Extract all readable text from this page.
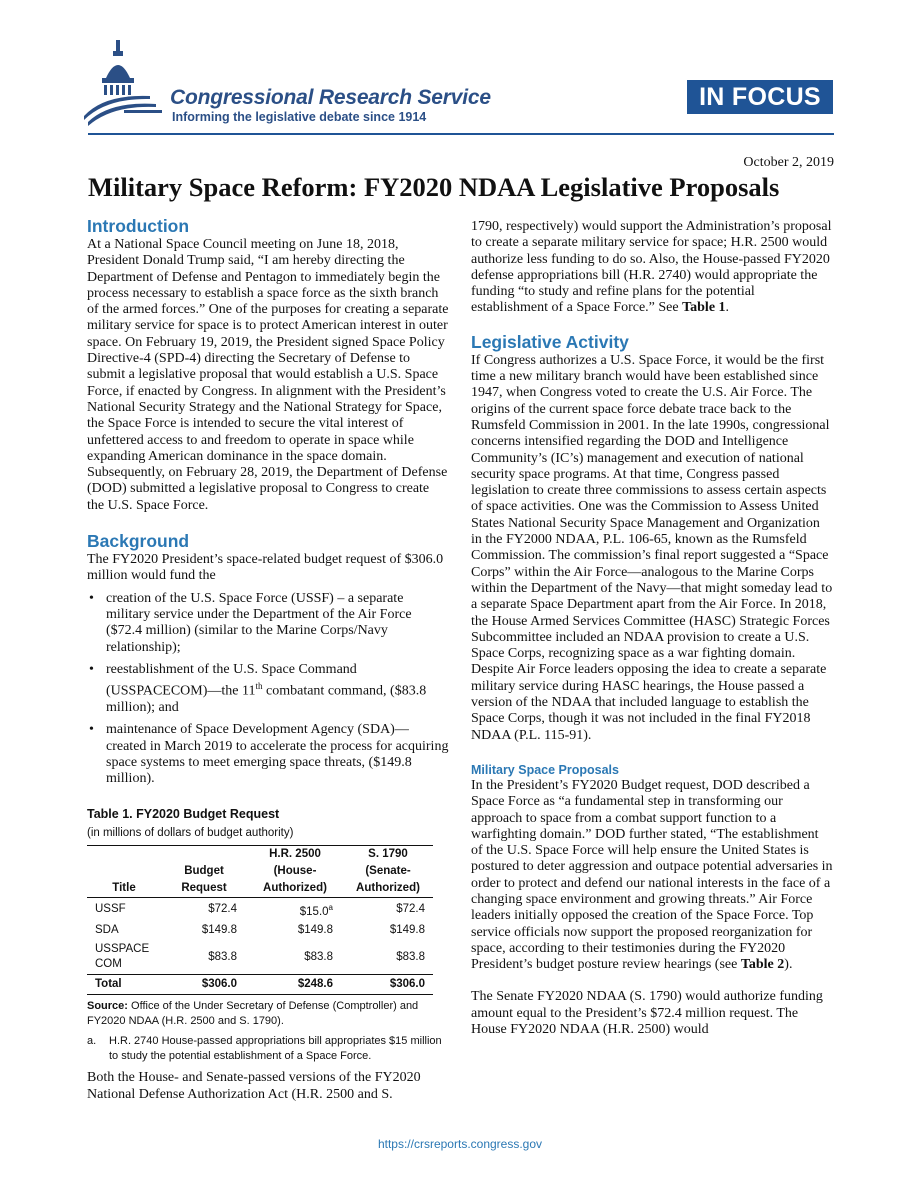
Congressional Research Service
Informing the legislative debate since 1914
IN FOCUS
October 2, 2019
Military Space Reform: FY2020 NDAA Legislative Proposals
Introduction

At a National Space Council meeting on June 18, 2018, President Donald Trump said, “I am hereby directing the Department of Defense and Pentagon to immediately begin the process necessary to establish a space force as the sixth branch of the armed forces.” One of the purposes for creating a separate military service for space is to protect American interest in outer space. On February 19, 2019, the President signed Space Policy Directive-4 (SPD-4) directing the Secretary of Defense to submit a legislative proposal that would establish a U.S. Space Force, if enacted by Congress. In alignment with the President’s National Security Strategy and the National Strategy for Space, the Space Force is intended to secure the vital interest of unfettered access to and freedom to operate in space while expanding American dominance in the space domain. Subsequently, on February 28, 2019, the Department of Defense (DOD) submitted a legislative proposal to Congress to create the U.S. Space Force.

Background

The FY2020 President’s space-related budget request of $306.0 million would fund the

• creation of the U.S. Space Force (USSF) – a separate military service under the Department of the Air Force ($72.4 million) (similar to the Marine Corps/Navy relationship);
• reestablishment of the U.S. Space Command (USSPACECOM)—the 11th combatant command, ($83.8 million); and
• maintenance of Space Development Agency (SDA)—created in March 2019 to accelerate the process for acquiring space systems to meet emerging space threats, ($149.8 million).
Table 1. FY2020 Budget Request
(in millions of dollars of budget authority)
		H.R. 2500	S. 1790
	Budget	(House-	(Senate-
Title	Request	Authorized)	Authorized)
USSF	$72.4	$15.0$^a$	$72.4
SDA	$149.8	$149.8	$149.8
USSPACE COM	$83.8	$83.8	$83.8
Total	$306.0	$248.6	$306.0
Source: Office of the Under Secretary of Defense (Comptroller) and FY2020 NDAA (H.R. 2500 and S. 1790).
a.	H.R. 2740 House-passed appropriations bill appropriates $15 million to study the potential establishment of a Space Force.

Both the House- and Senate-passed versions of the FY2020 National Defense Authorization Act (H.R. 2500 and S.

1790, respectively) would support the Administration’s proposal to create a separate military service for space; H.R. 2500 would authorize less funding to do so. Also, the House-passed FY2020 defense appropriations bill (H.R. 2740) would appropriate the funding “to study and refine plans for the potential establishment of a Space Force.” See Table 1.

Legislative Activity

If Congress authorizes a U.S. Space Force, it would be the first time a new military branch would have been established since 1947, when Congress voted to create the U.S. Air Force. The origins of the current space force debate trace back to the Rumsfeld Commission in 2001. In the late 1990s, congressional concerns intensified regarding the DOD and Intelligence Community’s (IC’s) management and execution of national security space programs. At that time, Congress passed legislation to create three commissions to assess certain aspects of space activities. One was the Commission to Assess United States National Security Space Management and Organization in the FY2000 NDAA, P.L. 106-65, known as the Rumsfeld Commission. The commission’s final report suggested a “Space Corps” within the Air Force—analogous to the Marine Corps within the Department of the Navy—that might someday lead to a separate Space Department apart from the Air Force. In 2018, the House Armed Services Committee (HASC) Strategic Forces Subcommittee included an NDAA provision to create a U.S. Space Corps, recognizing space as a war fighting domain. Despite Air Force leaders opposing the idea to create a separate military service during HASC hearings, the House passed a version of the NDAA that included language to establish the Space Corps, though it was not included in the final FY2018 NDAA (P.L. 115-91).

Military Space Proposals

In the President’s FY2020 Budget request, DOD described a Space Force as “a fundamental step in transforming our approach to space from a combat support function to a warfighting domain.” DOD further stated, “The establishment of the U.S. Space Force will help ensure the United States is postured to deter aggression and outpace potential adversaries in order to protect and defend our national interests in the face of a changing space environment and growing threats.” Air Force leaders initially opposed the creation of the Space Force. Top service officials now support the proposed reorganization for space, according to their testimonies during the FY2020 President’s budget posture review hearings (see Table 2).

The Senate FY2020 NDAA (S. 1790) would authorize funding amount equal to the President’s $72.4 million request. The House FY2020 NDAA (H.R. 2500) would

https://crsreports.congress.gov
